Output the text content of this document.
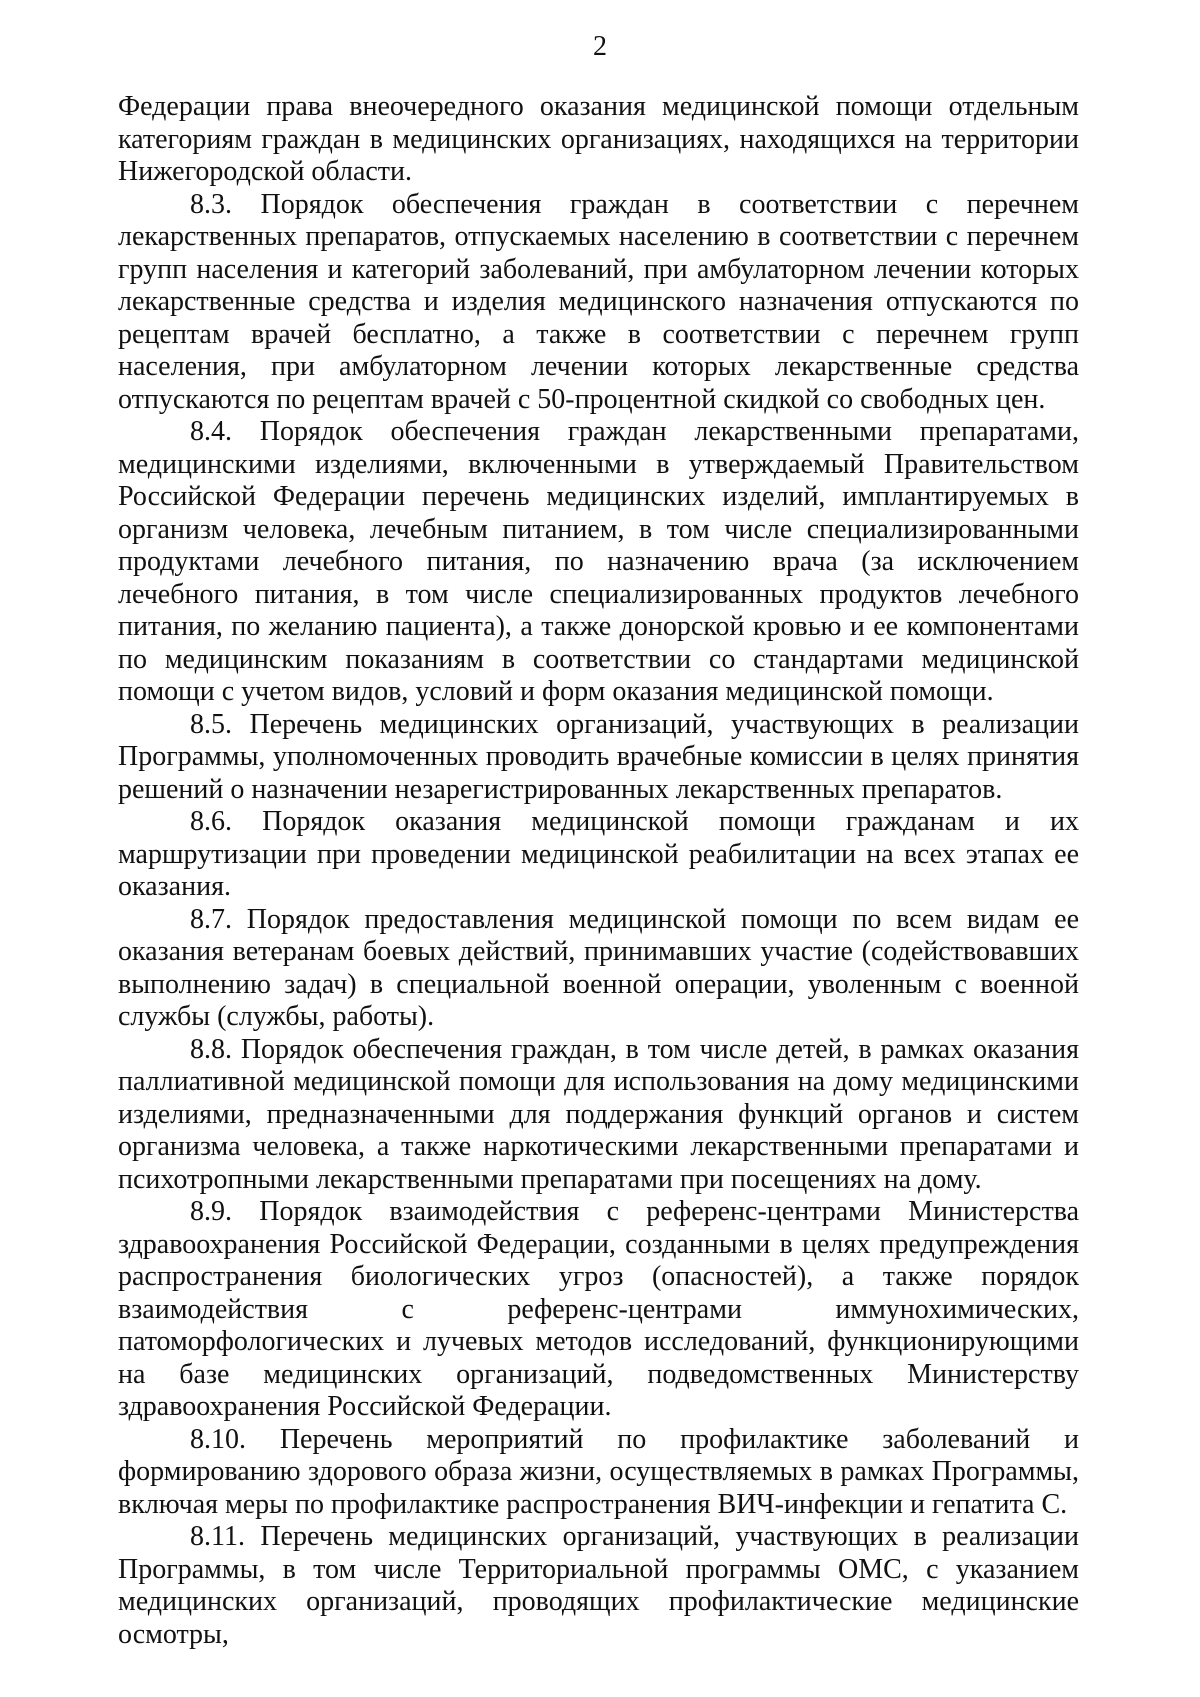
2

Федерации права внеочередного оказания медицинской помощи отдельным категориям граждан в медицинских организациях, находящихся на территории Нижегородской области.

8.3. Порядок обеспечения граждан в соответствии с перечнем лекарственных препаратов, отпускаемых населению в соответствии с перечнем групп населения и категорий заболеваний, при амбулаторном лечении которых лекарственные средства и изделия медицинского назначения отпускаются по рецептам врачей бесплатно, а также в соответствии с перечнем групп населения, при амбулаторном лечении которых лекарственные средства отпускаются по рецептам врачей с 50-процентной скидкой со свободных цен.

8.4. Порядок обеспечения граждан лекарственными препаратами, медицинскими изделиями, включенными в утверждаемый Правительством Российской Федерации перечень медицинских изделий, имплантируемых в организм человека, лечебным питанием, в том числе специализированными продуктами лечебного питания, по назначению врача (за исключением лечебного питания, в том числе специализированных продуктов лечебного питания, по желанию пациента), а также донорской кровью и ее компонентами по медицинским показаниям в соответствии со стандартами медицинской помощи с учетом видов, условий и форм оказания медицинской помощи.

8.5. Перечень медицинских организаций, участвующих в реализации Программы, уполномоченных проводить врачебные комиссии в целях принятия решений о назначении незарегистрированных лекарственных препаратов.

8.6. Порядок оказания медицинской помощи гражданам и их маршрутизации при проведении медицинской реабилитации на всех этапах ее оказания.

8.7. Порядок предоставления медицинской помощи по всем видам ее оказания ветеранам боевых действий, принимавших участие (содействовавших выполнению задач) в специальной военной операции, уволенным с военной службы (службы, работы).

8.8. Порядок обеспечения граждан, в том числе детей, в рамках оказания паллиативной медицинской помощи для использования на дому медицинскими изделиями, предназначенными для поддержания функций органов и систем организма человека, а также наркотическими лекарственными препаратами и психотропными лекарственными препаратами при посещениях на дому.

8.9. Порядок взаимодействия с референс-центрами Министерства здравоохранения Российской Федерации, созданными в целях предупреждения распространения биологических угроз (опасностей), а также порядок взаимодействия с референс-центрами иммунохимических, патоморфологических и лучевых методов исследований, функционирующими на базе медицинских организаций, подведомственных Министерству здравоохранения Российской Федерации.

8.10. Перечень мероприятий по профилактике заболеваний и формированию здорового образа жизни, осуществляемых в рамках Программы, включая меры по профилактике распространения ВИЧ-инфекции и гепатита С.

8.11. Перечень медицинских организаций, участвующих в реализации Программы, в том числе Территориальной программы ОМС, с указанием медицинских организаций, проводящих профилактические медицинские осмотры,
